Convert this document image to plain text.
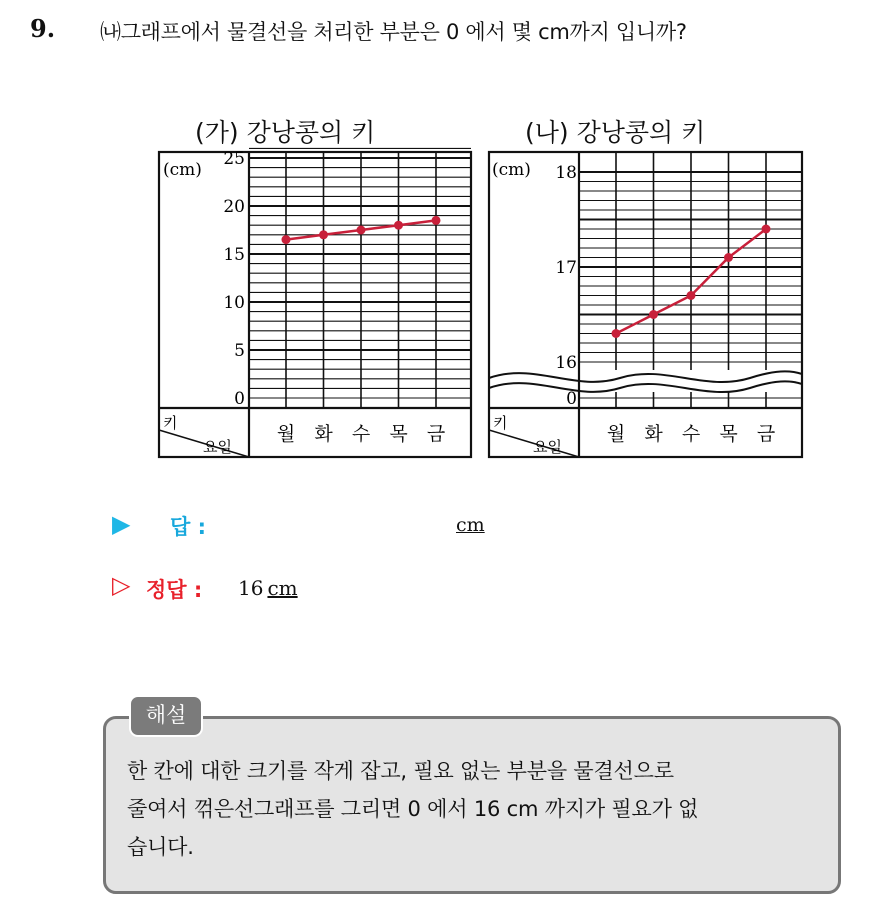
9. ㈏그래프에서 물결선을 처리한 부분은 0 에서 몇 cm까지 입니까?
(가) 강낭콩의 키	(나) 강낭콩의 키
25
20
15
10
5
0
월 화 수 목 금
(cm)
키
요일
18
17
16
0
월 화 수 목 금
(cm)
키
요일
▶ 답 :	cm
▷ 정답 : 16 cm
해설
한 칸에 대한 크기를 작게 잡고, 필요 없는 부분을 물결선으로
줄여서 꺾은선그래프를 그리면 0 에서 16 cm 까지가 필요가 없
습니다.
